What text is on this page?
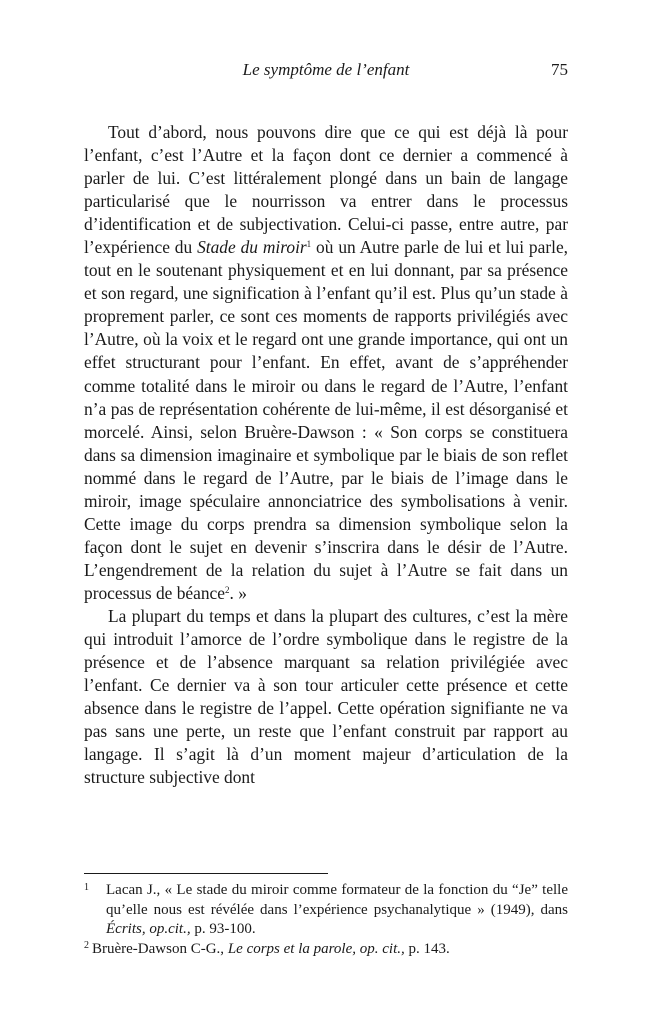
Le symptôme de l’enfant	75

Tout d’abord, nous pouvons dire que ce qui est déjà là pour l’enfant, c’est l’Autre et la façon dont ce dernier a commencé à parler de lui. C’est littéralement plongé dans un bain de langage particularisé que le nourrisson va entrer dans le processus d’identification et de subjectivation. Celui-ci passe, entre autre, par l’expérience du Stade du miroir$^1$ où un Autre parle de lui et lui parle, tout en le soutenant physiquement et en lui donnant, par sa présence et son regard, une signification à l’enfant qu’il est. Plus qu’un stade à proprement parler, ce sont ces moments de rapports privilégiés avec l’Autre, où la voix et le regard ont une grande importance, qui ont un effet structurant pour l’enfant. En effet, avant de s’appréhender comme totalité dans le miroir ou dans le regard de l’Autre, l’enfant n’a pas de représentation cohérente de lui-même, il est désorganisé et morcelé. Ainsi, selon Bruère-Dawson : « Son corps se constituera dans sa dimension imaginaire et symbolique par le biais de son reflet nommé dans le regard de l’Autre, par le biais de l’image dans le miroir, image spéculaire annonciatrice des symbolisations à venir. Cette image du corps prendra sa dimension symbolique selon la façon dont le sujet en devenir s’inscrira dans le désir de l’Autre. L’engendrement de la relation du sujet à l’Autre se fait dans un processus de béance$^2$. »

La plupart du temps et dans la plupart des cultures, c’est la mère qui introduit l’amorce de l’ordre symbolique dans le registre de la présence et de l’absence marquant sa relation privilégiée avec l’enfant. Ce dernier va à son tour articuler cette présence et cette absence dans le registre de l’appel. Cette opération signifiante ne va pas sans une perte, un reste que l’enfant construit par rapport au langage. Il s’agit là d’un moment majeur d’articulation de la structure subjective dont

1 Lacan J., « Le stade du miroir comme formateur de la fonction du “Je” telle qu’elle nous est révélée dans l’expérience psychanalytique » (1949), dans Écrits, op.cit., p. 93-100.

$^2$ Bruère-Dawson C-G., Le corps et la parole, op. cit., p. 143.
